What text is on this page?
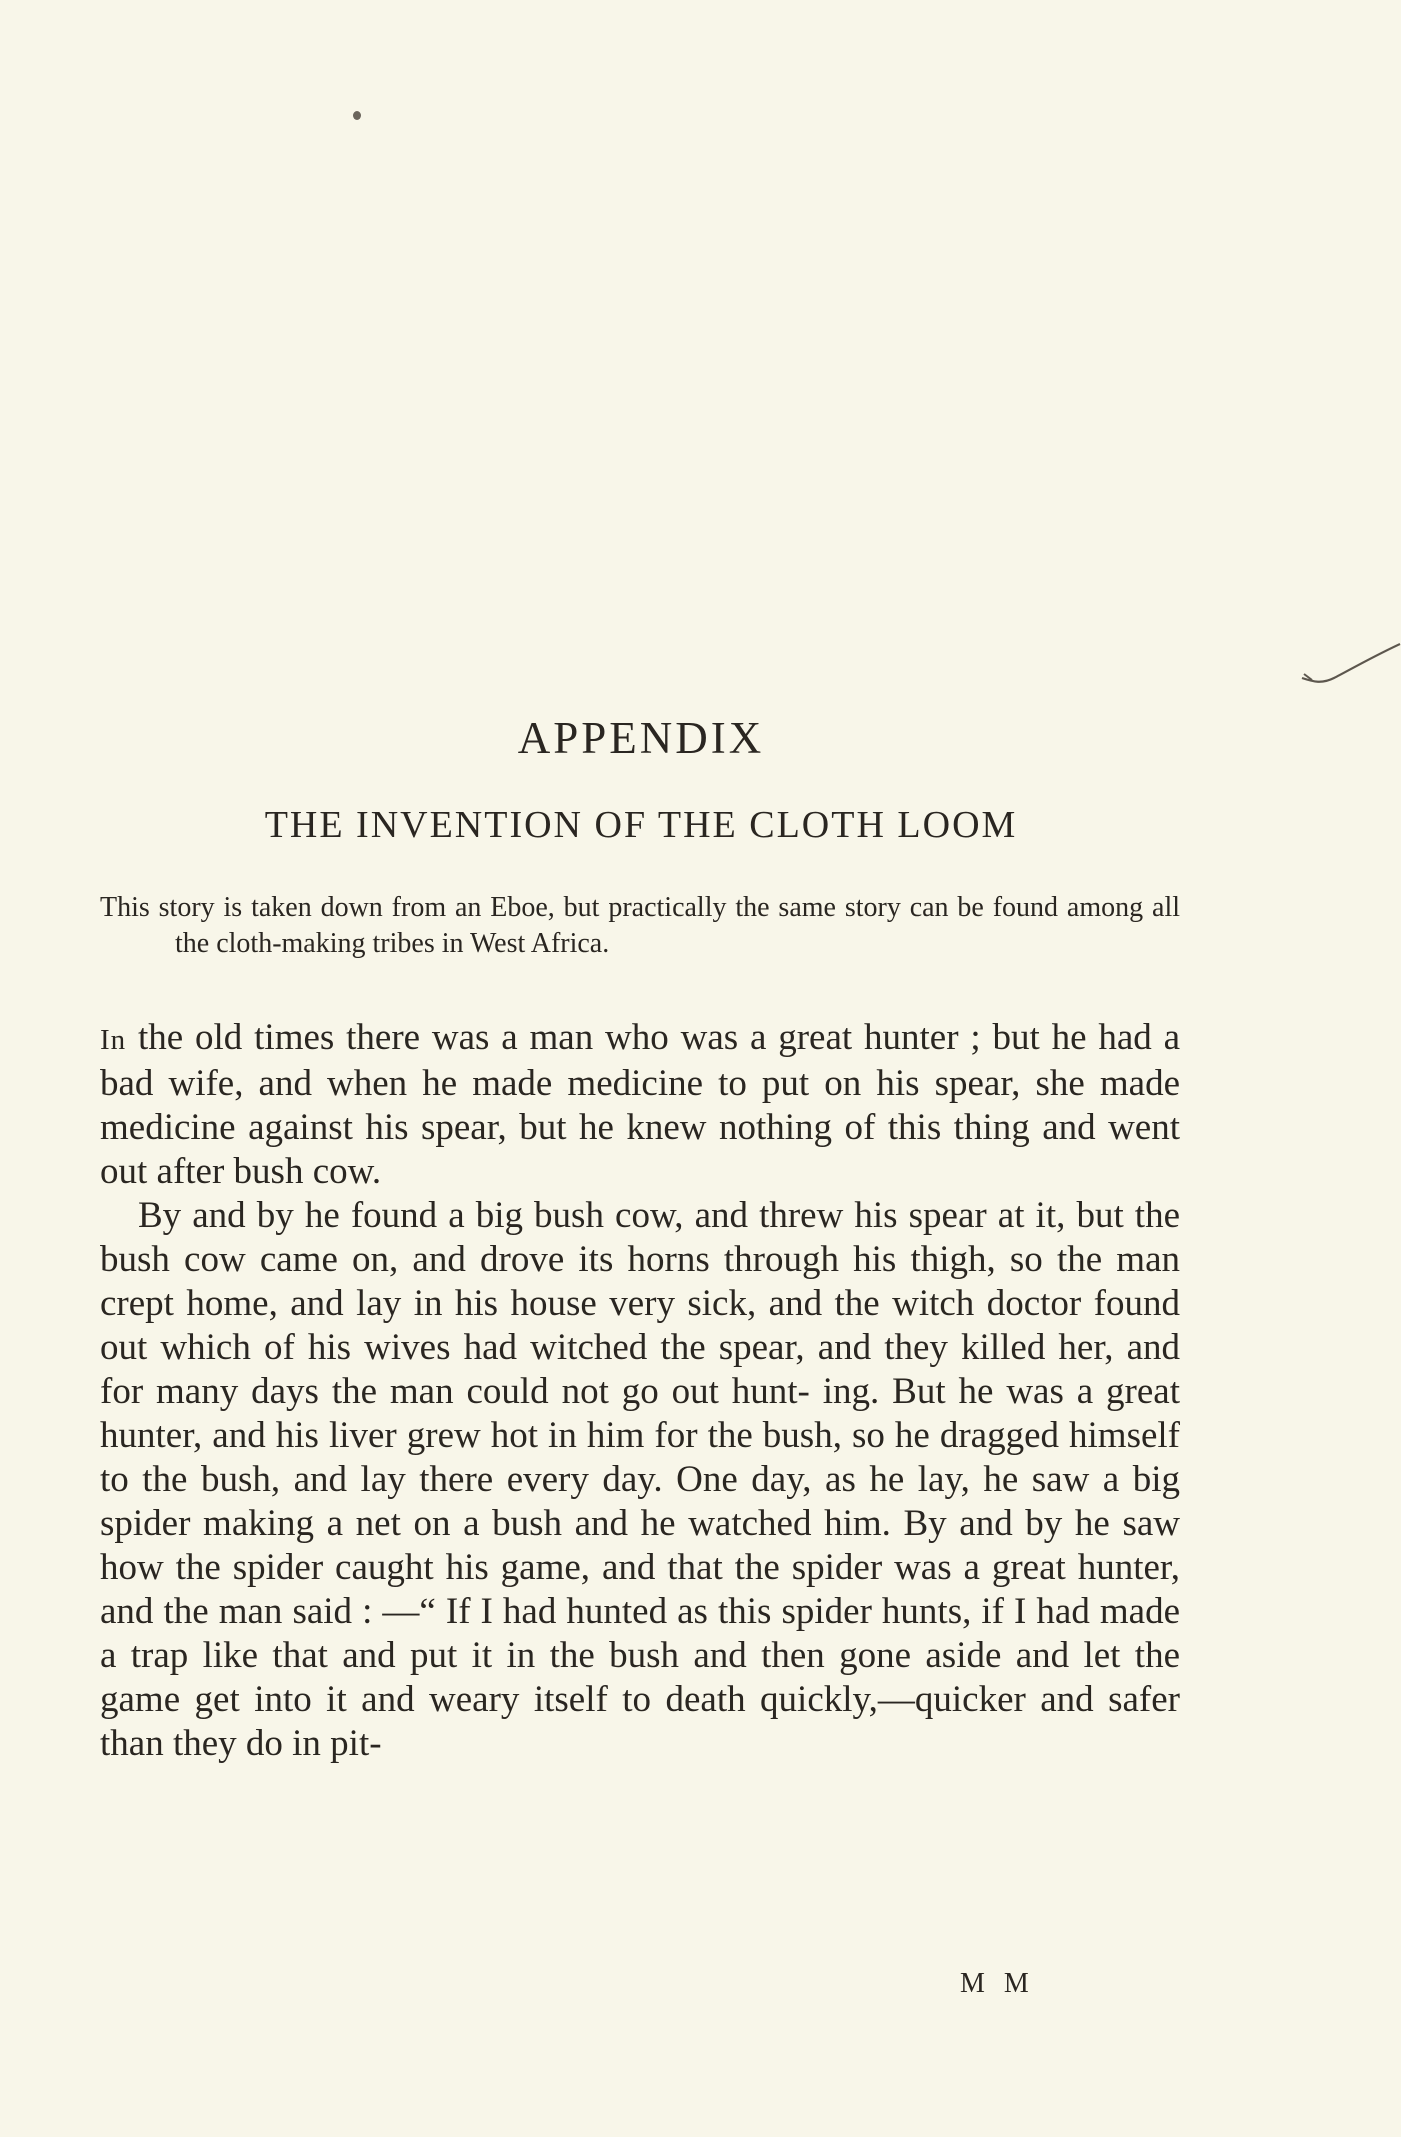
APPENDIX
THE INVENTION OF THE CLOTH LOOM

This story is taken down from an Eboe, but practically the same story can be found among all the cloth-making tribes in West Africa.

In the old times there was a man who was a great hunter ; but he had a bad wife, and when he made medicine to put on his spear, she made medicine against his spear, but he knew nothing of this thing and went out after bush cow.

By and by he found a big bush cow, and threw his spear at it, but the bush cow came on, and drove its horns through his thigh, so the man crept home, and lay in his house very sick, and the witch doctor found out which of his wives had witched the spear, and they killed her, and for many days the man could not go out hunt- ing. But he was a great hunter, and his liver grew hot in him for the bush, so he dragged himself to the bush, and lay there every day. One day, as he lay, he saw a big spider making a net on a bush and he watched him. By and by he saw how the spider caught his game, and that the spider was a great hunter, and the man said : —“ If I had hunted as this spider hunts, if I had made a trap like that and put it in the bush and then gone aside and let the game get into it and weary itself to death quickly,—quicker and safer than they do in pit-

M M
